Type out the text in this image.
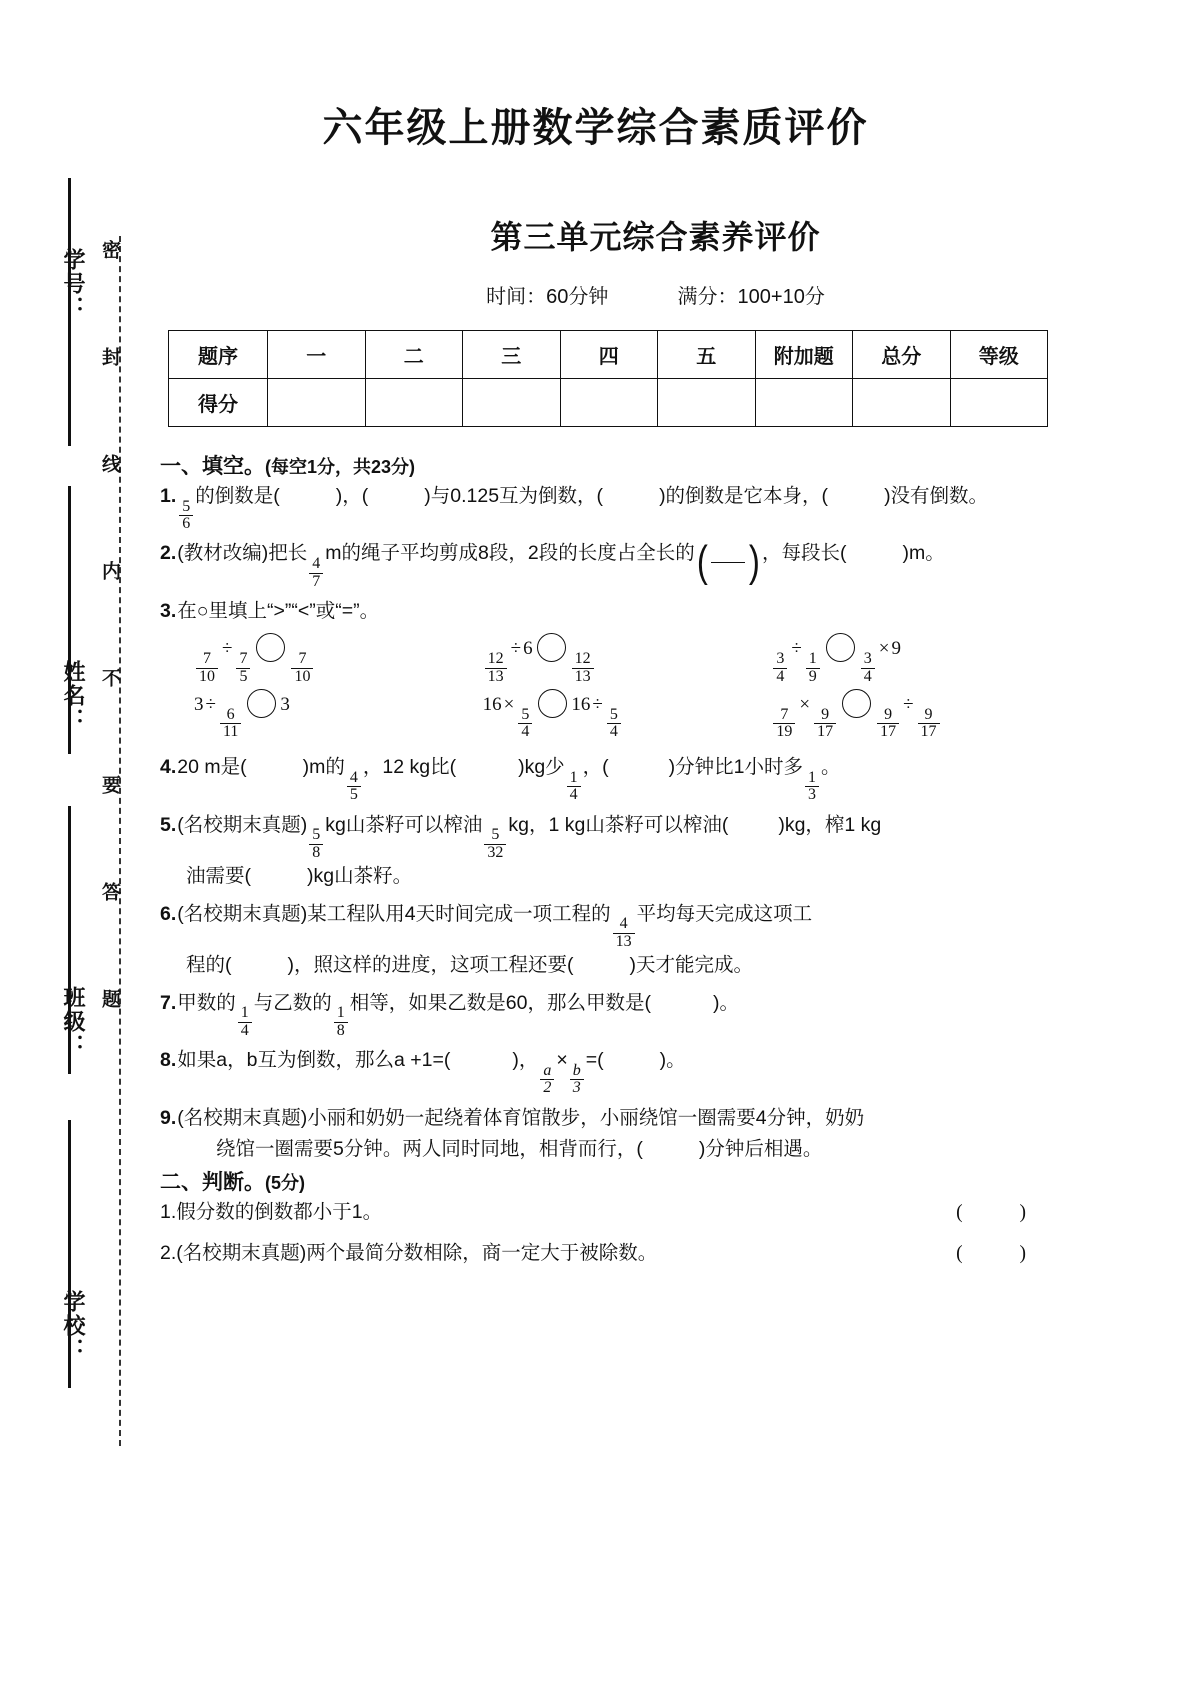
密封线内不要答题
学号：
姓名：
班级：
学校：
六年级上册数学综合素质评价
第三单元综合素养评价
时间：60分钟	满分：100+10分
题序	一	二	三	四	五	附加题	总分	等级
得分								
一、填空。(每空1分，共23分)
1.
$\frac{5}{6}$
的倒数是(	)，(	)与0.125互为倒数，(	)的倒数是它本身，(	)没有倒数。
2.(教材改编)把长
$\frac{4}{7}$
m的绳子平均剪成8段，2段的长度占全长的 ( ) ，每段长(	)m。
3.在○里填上“>”“<”或“=”。
$\frac{7}{10}$
÷
$\frac{7}{5}$	$\frac{7}{10}$	$\frac{12}{13}$
÷ 6
$\frac{12}{13}$	$\frac{3}{4}$
÷
$\frac{1}{9}$	$\frac{3}{4}$
× 9
3 ÷
$\frac{6}{11}$
3	16 ×
$\frac{5}{4}$
16 ÷
$\frac{5}{4}$	$\frac{7}{19}$
×
$\frac{9}{17}$	$\frac{9}{17}$
÷
$\frac{9}{17}$
4.20 m是(	)m的
$\frac{4}{5}$
，12 kg比(	)kg少
$\frac{1}{4}$
，(	)分钟比1小时多
$\frac{1}{3}$
。
5.(名校期末真题)
$\frac{5}{8}$
kg山茶籽可以榨油
$\frac{5}{32}$
kg，1 kg山茶籽可以榨油(	)kg，榨1 kg
油需要(	)kg山茶籽。
6.(名校期末真题)某工程队用4天时间完成一项工程的
$\frac{4}{13}$
平均每天完成这项工
程的(	)，照这样的进度，这项工程还要(	)天才能完成。
7.甲数的
$\frac{1}{4}$
与乙数的
$\frac{1}{8}$
相等，如果乙数是60，那么甲数是(	)。
8.如果a，b互为倒数，那么a +1=(	)，
$\frac{a}{2}$
×
$\frac{b}{3}$
=(	)。
9.(名校期末真题)小丽和奶奶一起绕着体育馆散步，小丽绕馆一圈需要4分钟，奶奶
绕馆一圈需要5分钟。两人同时同地，相背而行，(	)分钟后相遇。
二、判断。(5分)
1.假分数的倒数都小于1。	( )
2.(名校期末真题)两个最简分数相除，商一定大于被除数。	( )
